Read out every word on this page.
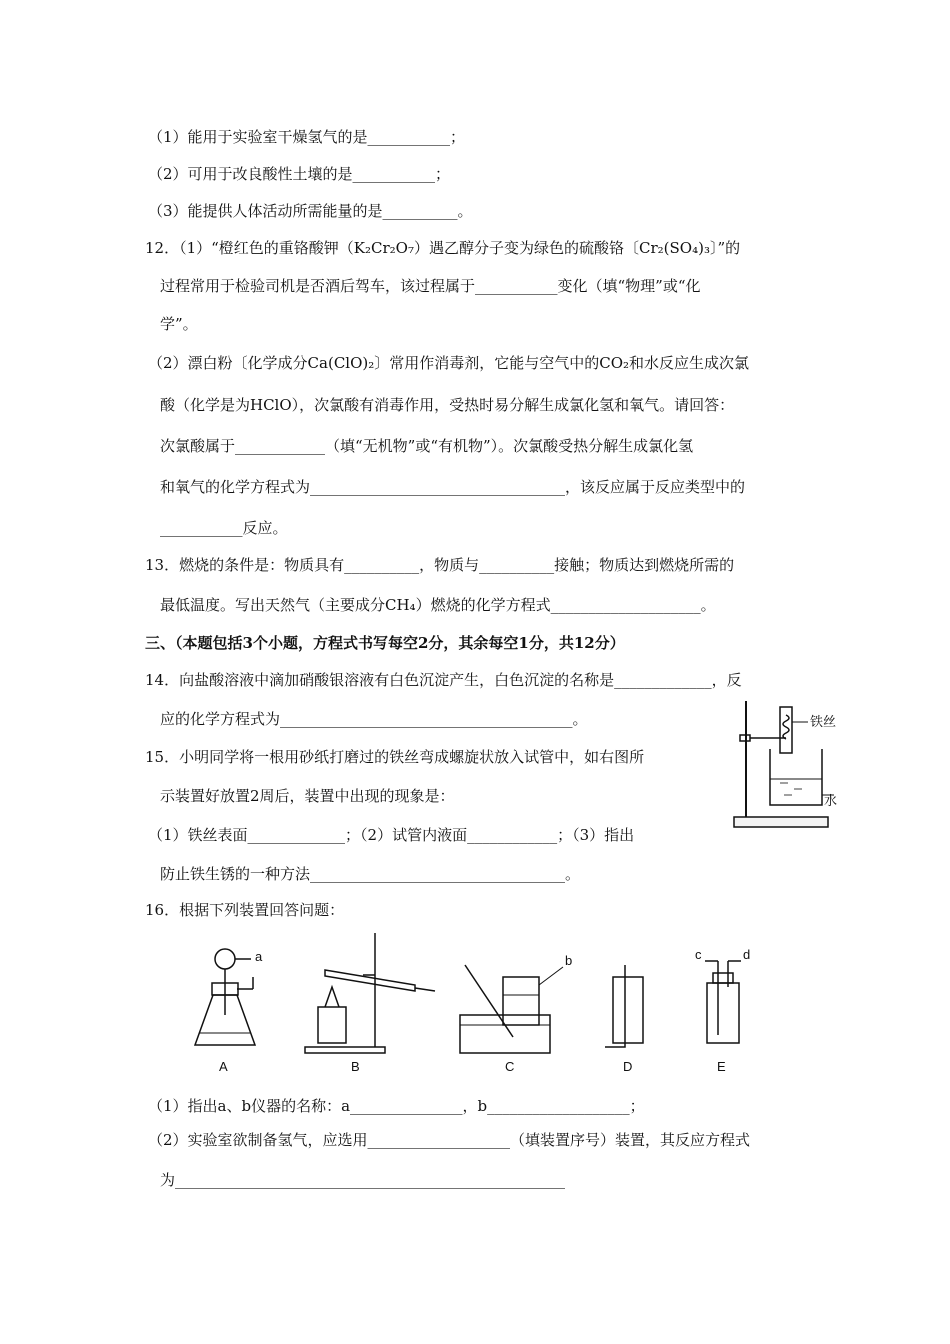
（1）能用于实验室干燥氢气的是___________；
（2）可用于改良酸性土壤的是___________；
（3）能提供人体活动所需能量的是__________。
12．（1）“橙红色的重铬酸钾（K₂Cr₂O₇）遇乙醇分子变为绿色的硫酸铬〔Cr₂(SO₄)₃〕”的
过程常用于检验司机是否酒后驾车，该过程属于___________变化（填“物理”或“化
学”。
（2）漂白粉〔化学成分Ca(ClO)₂〕常用作消毒剂，它能与空气中的CO₂和水反应生成次氯
酸（化学是为HClO），次氯酸有消毒作用，受热时易分解生成氯化氢和氧气。请回答：
次氯酸属于____________（填“无机物”或“有机物”）。次氯酸受热分解生成氯化氢
和氧气的化学方程式为__________________________________，该反应属于反应类型中的
___________反应。
13．燃烧的条件是：物质具有__________，物质与__________接触；物质达到燃烧所需的
最低温度。写出天然气（主要成分CH₄）燃烧的化学方程式____________________。
三、（本题包括3个小题，方程式书写每空2分，其余每空1分，共12分）
14．向盐酸溶液中滴加硝酸银溶液有白色沉淀产生，白色沉淀的名称是_____________，反
应的化学方程式为_______________________________________。
15．小明同学将一根用砂纸打磨过的铁丝弯成螺旋状放入试管中，如右图所
示装置好放置2周后，装置中出现的现象是：
（1）铁丝表面_____________；（2）试管内液面____________；（3）指出
防止铁生锈的一种方法__________________________________。
16．根据下列装置回答问题：
（1）指出a、b仪器的名称：a_______________，b___________________；
（2）实验室欲制备氢气，应选用___________________（填装置序号）装置，其反应方程式
为____________________________________________________
铁丝
水
a	b	c	d
A	B	C	D	E
